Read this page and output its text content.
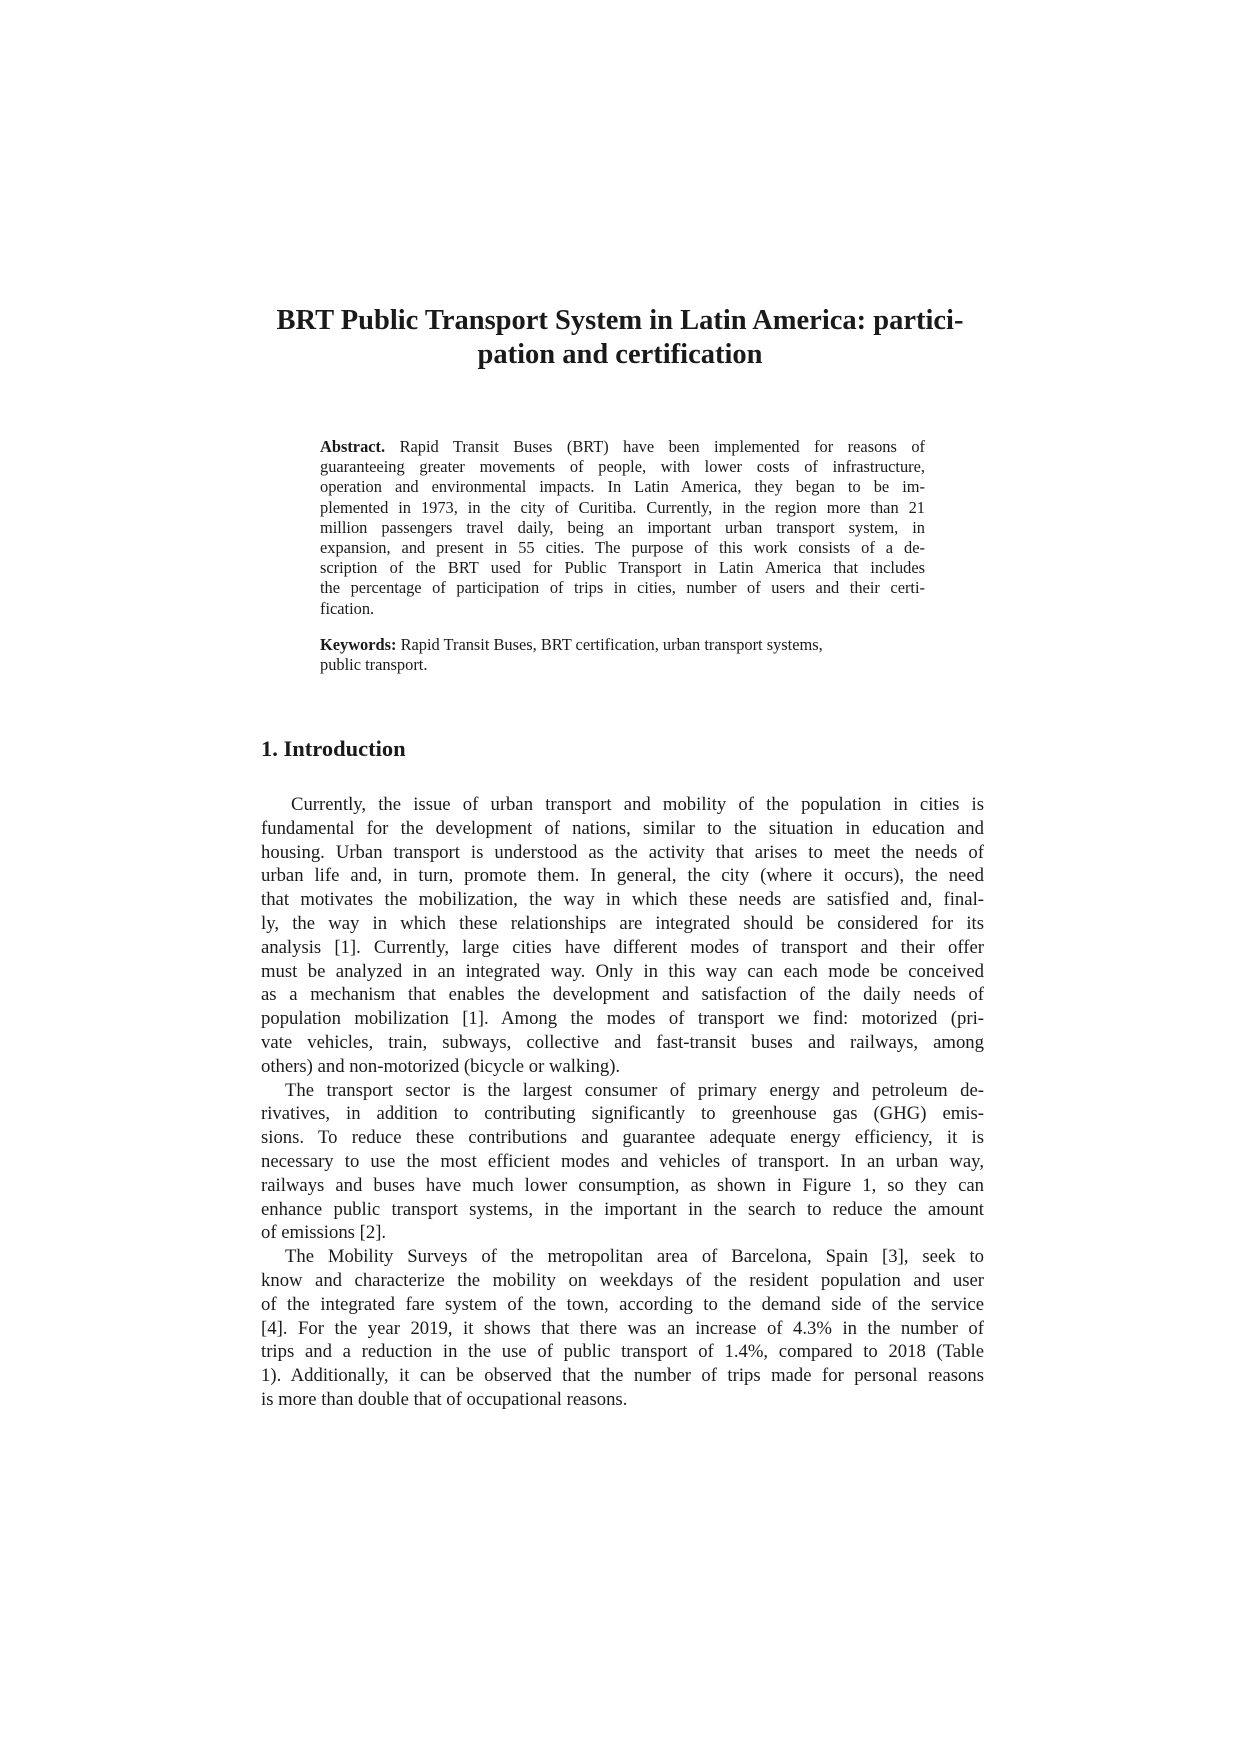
BRT Public Transport System in Latin America: partici-
pation and certification

Abstract. Rapid Transit Buses (BRT) have been implemented for reasons of
guaranteeing greater movements of people, with lower costs of infrastructure,
operation and environmental impacts. In Latin America, they began to be im-
plemented in 1973, in the city of Curitiba. Currently, in the region more than 21
million passengers travel daily, being an important urban transport system, in
expansion, and present in 55 cities. The purpose of this work consists of a de-
scription of the BRT used for Public Transport in Latin America that includes
the percentage of participation of trips in cities, number of users and their certi-
fication.

Keywords: Rapid Transit Buses, BRT certification, urban transport systems,
public transport.

1. Introduction

Currently, the issue of urban transport and mobility of the population in cities is
fundamental for the development of nations, similar to the situation in education and
housing. Urban transport is understood as the activity that arises to meet the needs of
urban life and, in turn, promote them. In general, the city (where it occurs), the need
that motivates the mobilization, the way in which these needs are satisfied and, final-
ly, the way in which these relationships are integrated should be considered for its
analysis [1]. Currently, large cities have different modes of transport and their offer
must be analyzed in an integrated way. Only in this way can each mode be conceived
as a mechanism that enables the development and satisfaction of the daily needs of
population mobilization [1]. Among the modes of transport we find: motorized (pri-
vate vehicles, train, subways, collective and fast-transit buses and railways, among
others) and non-motorized (bicycle or walking).

The transport sector is the largest consumer of primary energy and petroleum de-
rivatives, in addition to contributing significantly to greenhouse gas (GHG) emis-
sions. To reduce these contributions and guarantee adequate energy efficiency, it is
necessary to use the most efficient modes and vehicles of transport. In an urban way,
railways and buses have much lower consumption, as shown in Figure 1, so they can
enhance public transport systems, in the important in the search to reduce the amount
of emissions [2].

The Mobility Surveys of the metropolitan area of Barcelona, Spain [3], seek to
know and characterize the mobility on weekdays of the resident population and user
of the integrated fare system of the town, according to the demand side of the service
[4]. For the year 2019, it shows that there was an increase of 4.3% in the number of
trips and a reduction in the use of public transport of 1.4%, compared to 2018 (Table
1). Additionally, it can be observed that the number of trips made for personal reasons
is more than double that of occupational reasons.
